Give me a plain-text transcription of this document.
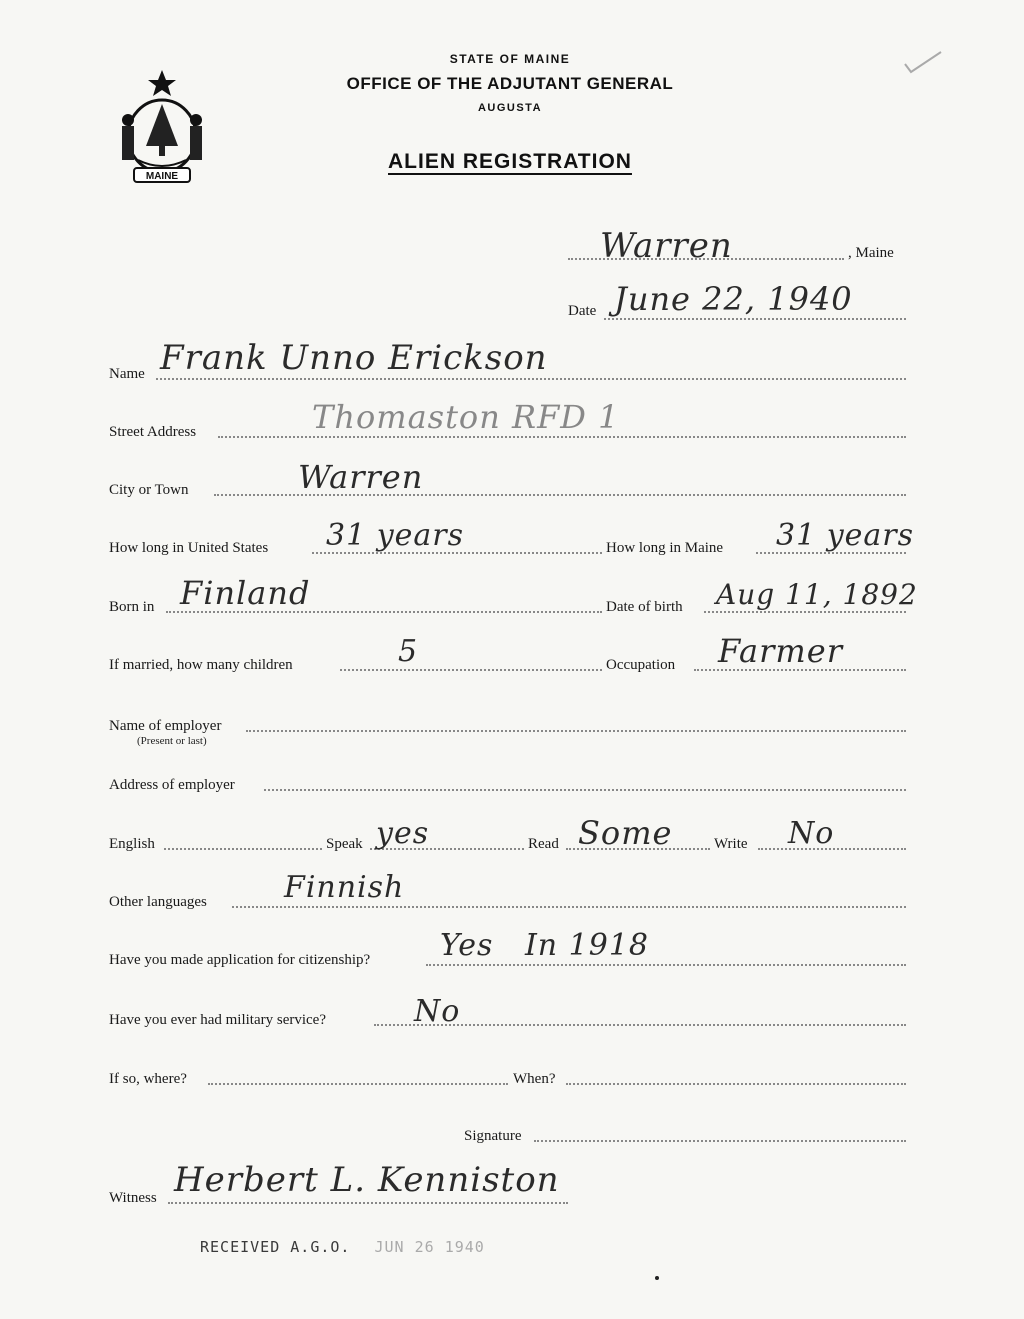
MAINE
STATE OF MAINE
OFFICE OF THE ADJUTANT GENERAL
AUGUSTA
ALIEN REGISTRATION
Warren	, Maine
Date June 22, 1940
Name Frank Unno Erickson
Street Address	Thomaston RFD 1
City or Town	Warren
How long in United States 31 years	How long in Maine 31 years
Born in Finland	Date of birth Aug 11, 1892
If married, how many children	5	Occupation Farmer
Name of employer
(Present or last)
Address of employer
English	Speak yes	Read Some	Write No
Other languages	Finnish
Have you made application for citizenship? Yes   In 1918
Have you ever had military service?	No
If so, where?	When?
Signature
Witness Herbert L. Kenniston
RECEIVED A.G.O. JUN 26 1940
